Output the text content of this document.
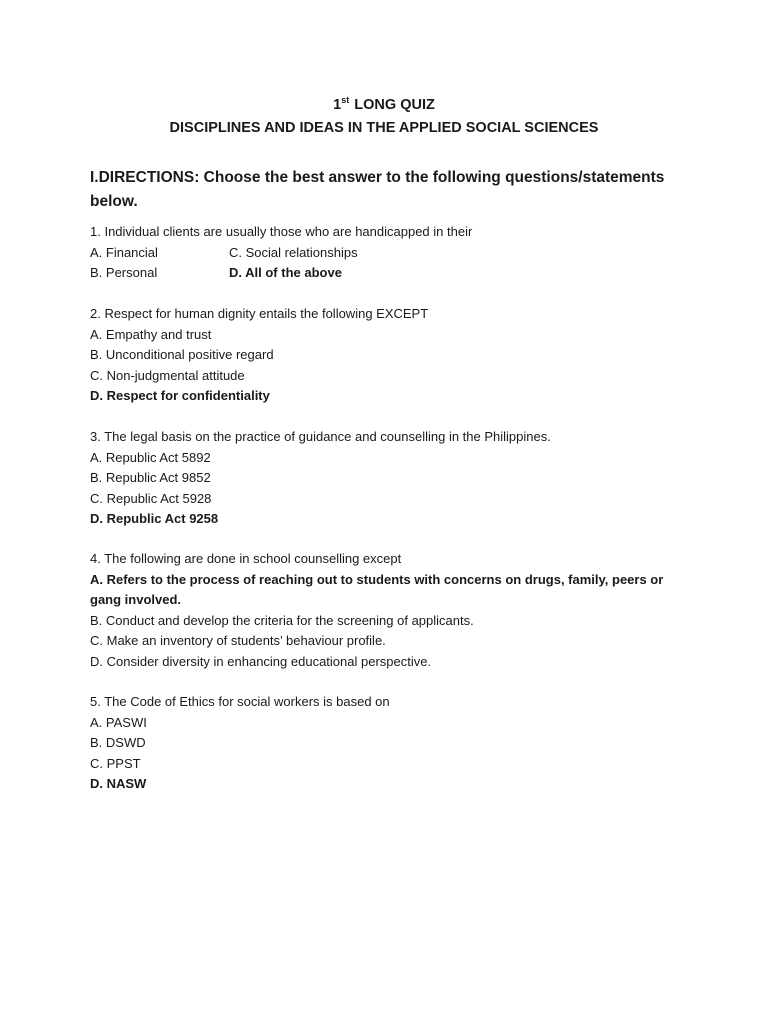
1st LONG QUIZ
DISCIPLINES AND IDEAS IN THE APPLIED SOCIAL SCIENCES
I.DIRECTIONS: Choose the best answer to the following questions/statements below.
1. Individual clients are usually those who are handicapped in their
A. Financial	C. Social relationships
B. Personal	D. All of the above
2. Respect for human dignity entails the following EXCEPT
A. Empathy and trust
B. Unconditional positive regard
C. Non-judgmental attitude
D. Respect for confidentiality
3. The legal basis on the practice of guidance and counselling in the Philippines.
A. Republic Act 5892
B. Republic Act 9852
C. Republic Act 5928
D. Republic Act 9258
4. The following are done in school counselling except
A. Refers to the process of reaching out to students with concerns on drugs, family, peers or gang involved.
B. Conduct and develop the criteria for the screening of applicants.
C. Make an inventory of students’ behaviour profile.
D. Consider diversity in enhancing educational perspective.
5. The Code of Ethics for social workers is based on
A. PASWI
B. DSWD
C. PPST
D. NASW
